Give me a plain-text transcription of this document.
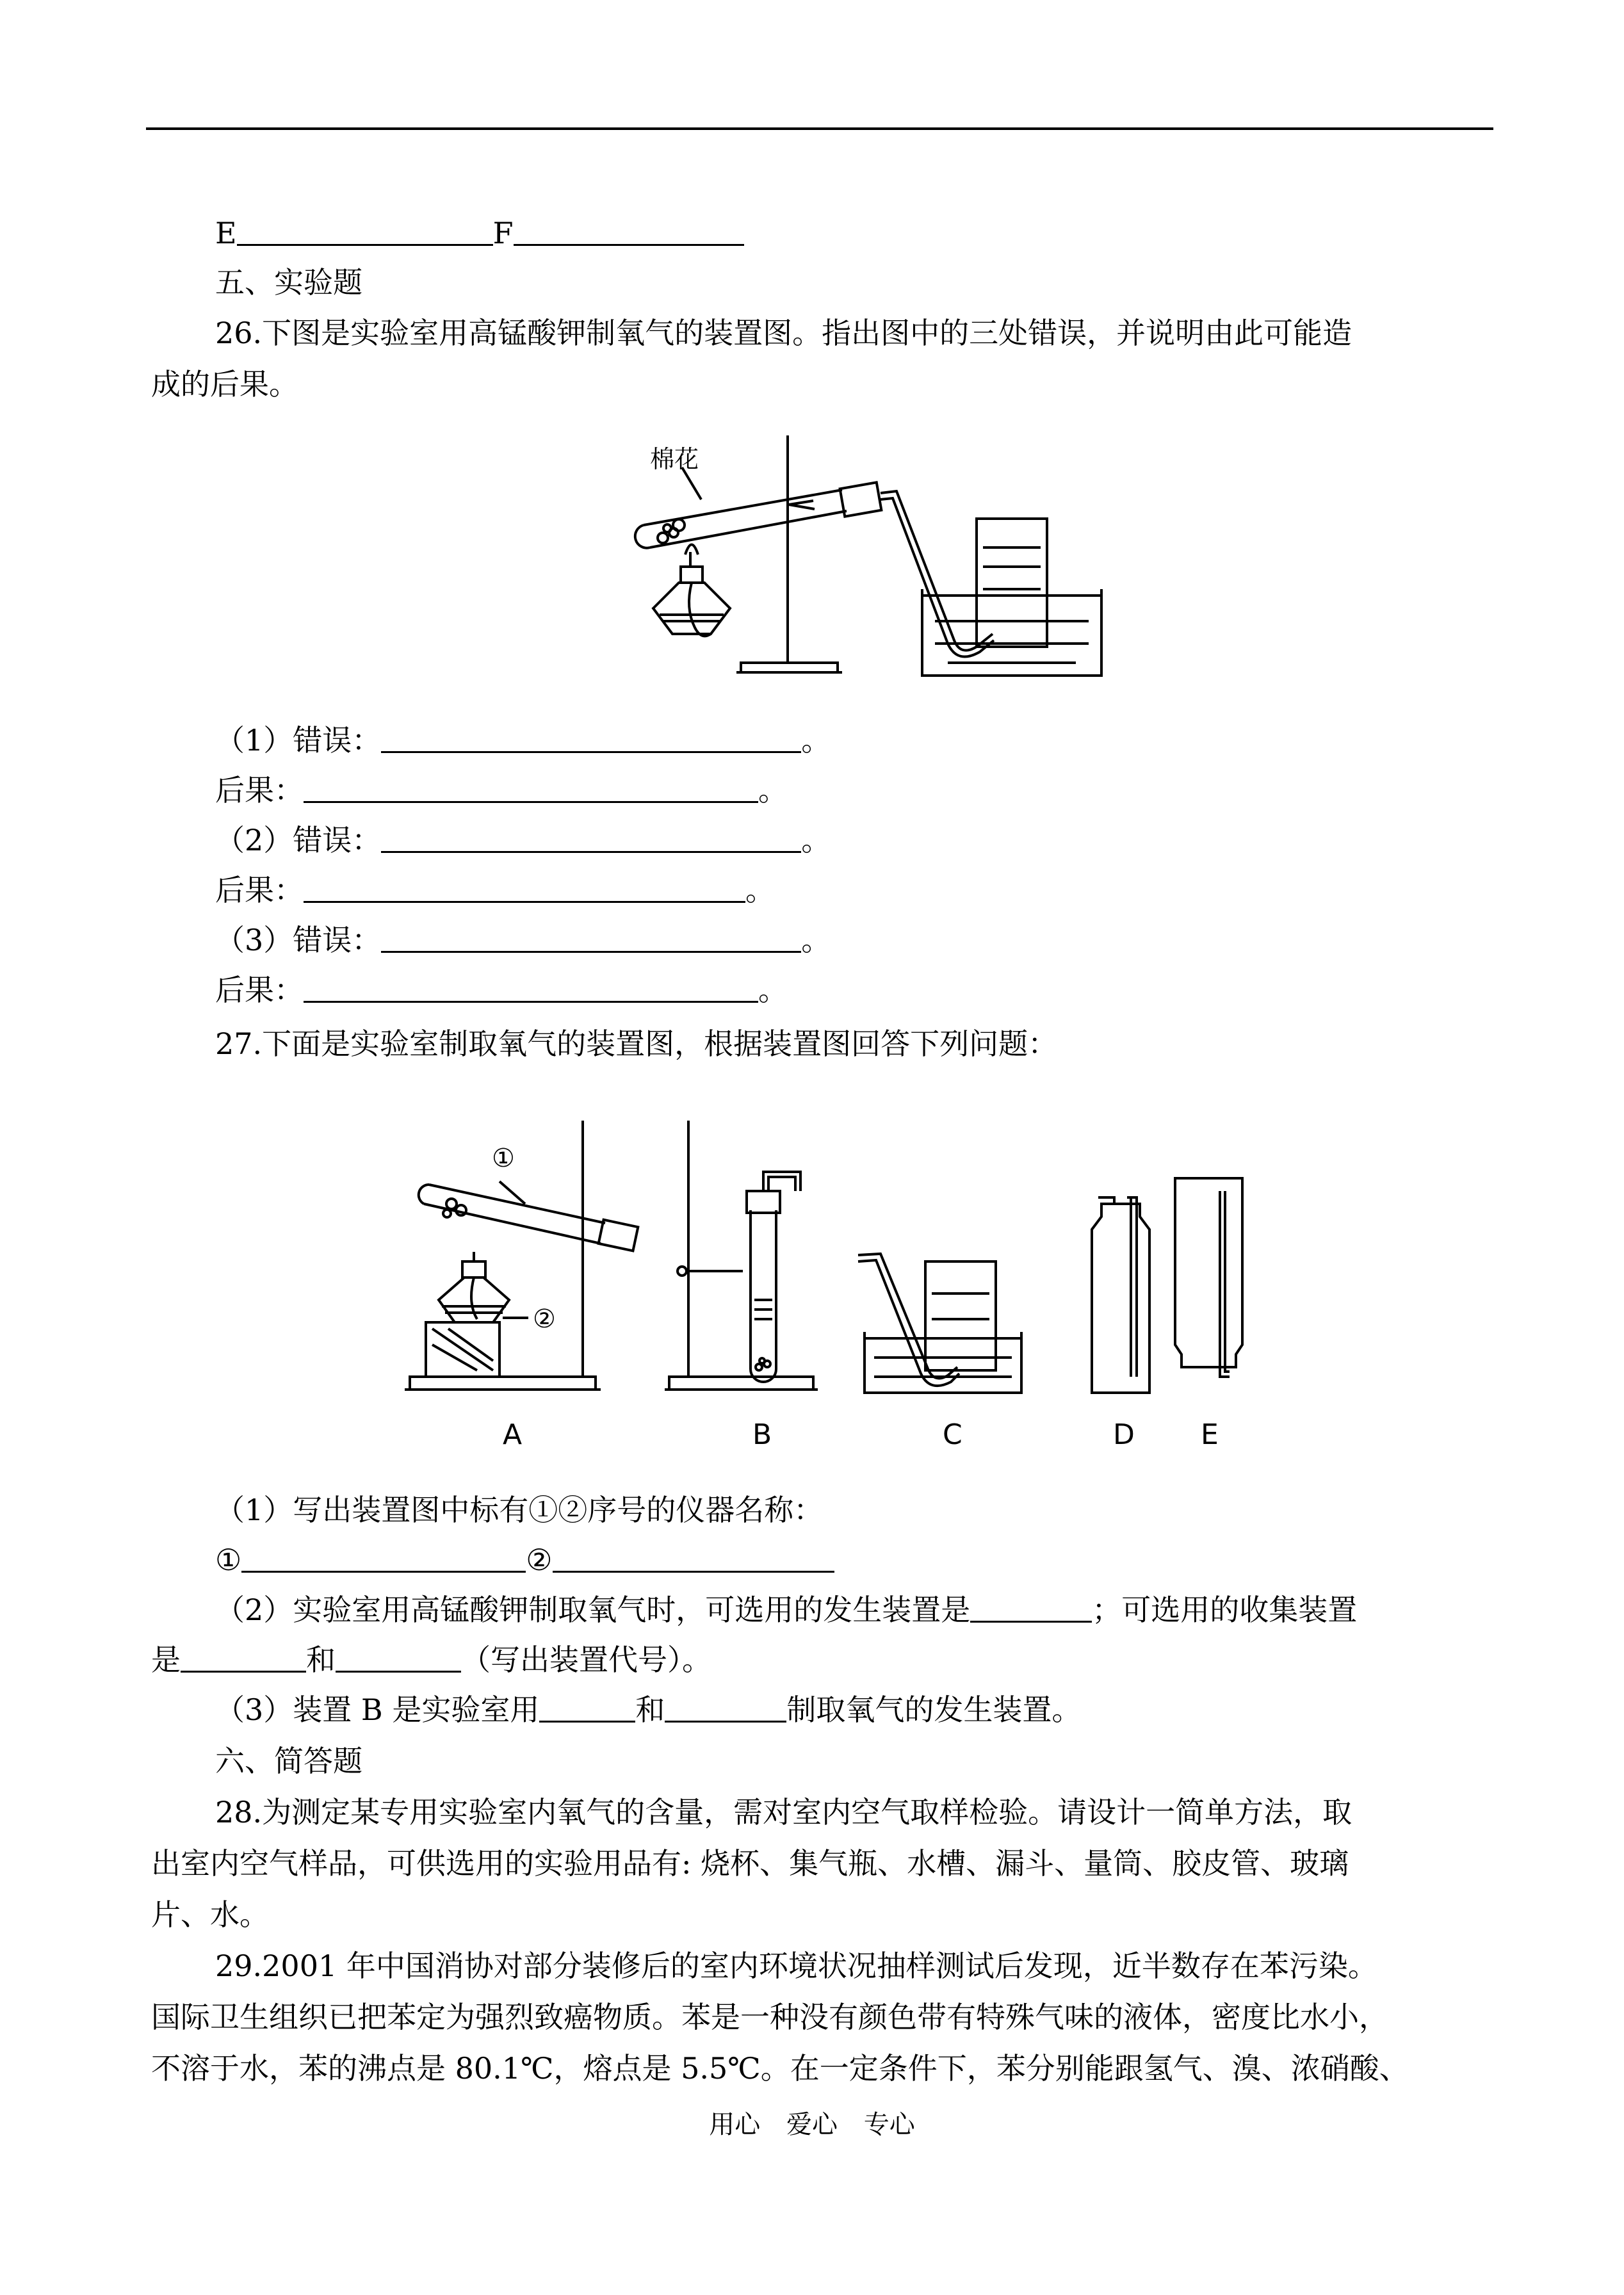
E	F
五、实验题
26.下图是实验室用高锰酸钾制氧气的装置图。指出图中的三处错误，并说明由此可能造
成的后果。
棉花
（1）错误：	。
后果：	。
（2）错误：	。
后果：	。
（3）错误：	。
后果：	。
27.下面是实验室制取氧气的装置图，根据装置图回答下列问题：
①
②
A	B	C	D E
（1）写出装置图中标有①②序号的仪器名称：
①	②
（2）实验室用高锰酸钾制取氧气时，可选用的发生装置是	；可选用的收集装置
是	和	（写出装置代号）。
（3）装置 B 是实验室用	和	制取氧气的发生装置。
六、简答题
28.为测定某专用实验室内氧气的含量，需对室内空气取样检验。请设计一简单方法，取
出室内空气样品，可供选用的实验用品有: 烧杯、集气瓶、水槽、漏斗、量筒、胶皮管、玻璃
片、水。
29.2001 年中国消协对部分装修后的室内环境状况抽样测试后发现，近半数存在苯污染。
国际卫生组织已把苯定为强烈致癌物质。苯是一种没有颜色带有特殊气味的液体，密度比水小，
不溶于水，苯的沸点是 80.1℃，熔点是 5.5℃。在一定条件下，苯分别能跟氢气、溴、浓硝酸、
用心 爱心 专心
